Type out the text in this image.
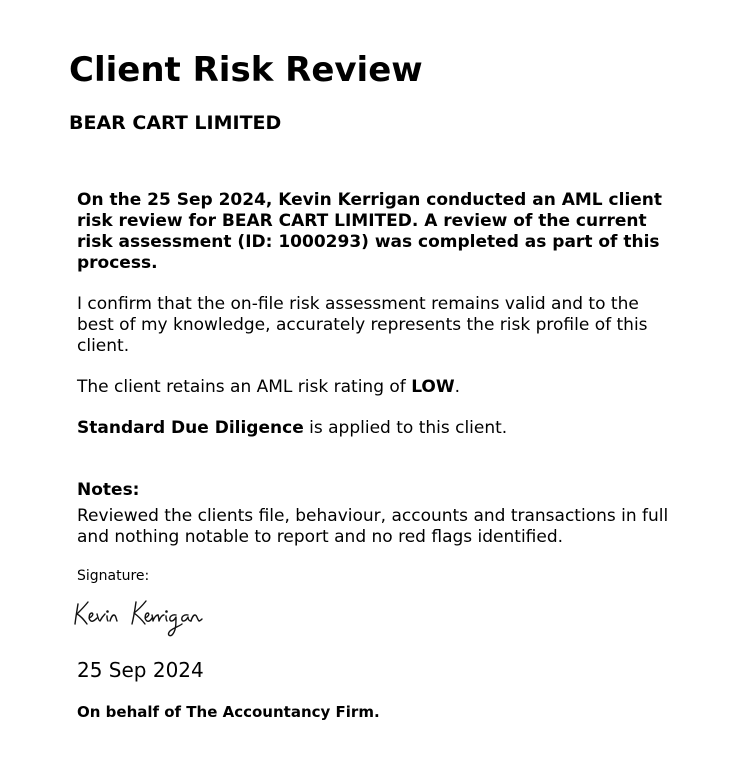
Client Risk Review
BEAR CART LIMITED
On the 25 Sep 2024, Kevin Kerrigan conducted an AML client risk review for BEAR CART LIMITED. A review of the current risk assessment (ID: 1000293) was completed as part of this process.
I confirm that the on-file risk assessment remains valid and to the best of my knowledge, accurately represents the risk profile of this client.
The client retains an AML risk rating of LOW.
Standard Due Diligence is applied to this client.
Notes:
Reviewed the clients file, behaviour, accounts and transactions in full and nothing notable to report and no red flags identified.
Signature:
25 Sep 2024
On behalf of The Accountancy Firm.
